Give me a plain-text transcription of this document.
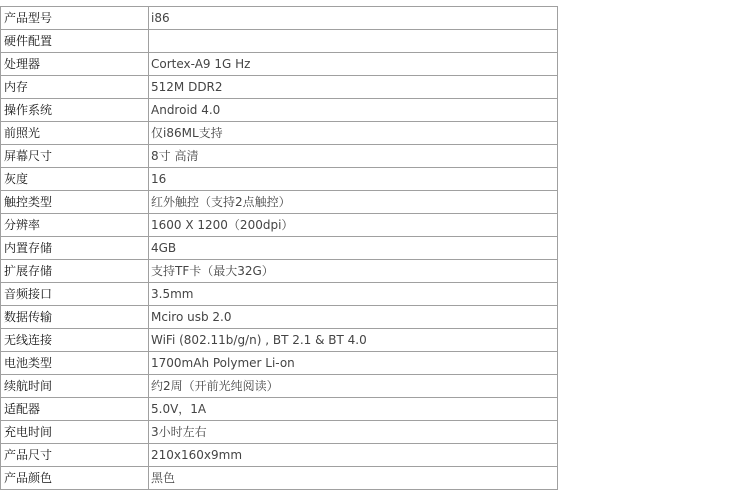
产品型号	i86
硬件配置	
处理器	Cortex-A9 1G Hz
内存	512M DDR2
操作系统	Android 4.0
前照光	仅i86ML支持
屏幕尺寸	8寸 高清
灰度	16
触控类型	红外触控（支持2点触控）
分辨率	1600 X 1200（200dpi）
内置存储	4GB
扩展存储	支持TF卡（最大32G）
音频接口	3.5mm
数据传输	Mciro usb 2.0
无线连接	WiFi (802.11b/g/n) , BT 2.1 & BT 4.0
电池类型	1700mAh Polymer Li-on
续航时间	约2周（开前光纯阅读）
适配器	5.0V，1A
充电时间	3小时左右
产品尺寸	210x160x9mm
产品颜色	黑色
